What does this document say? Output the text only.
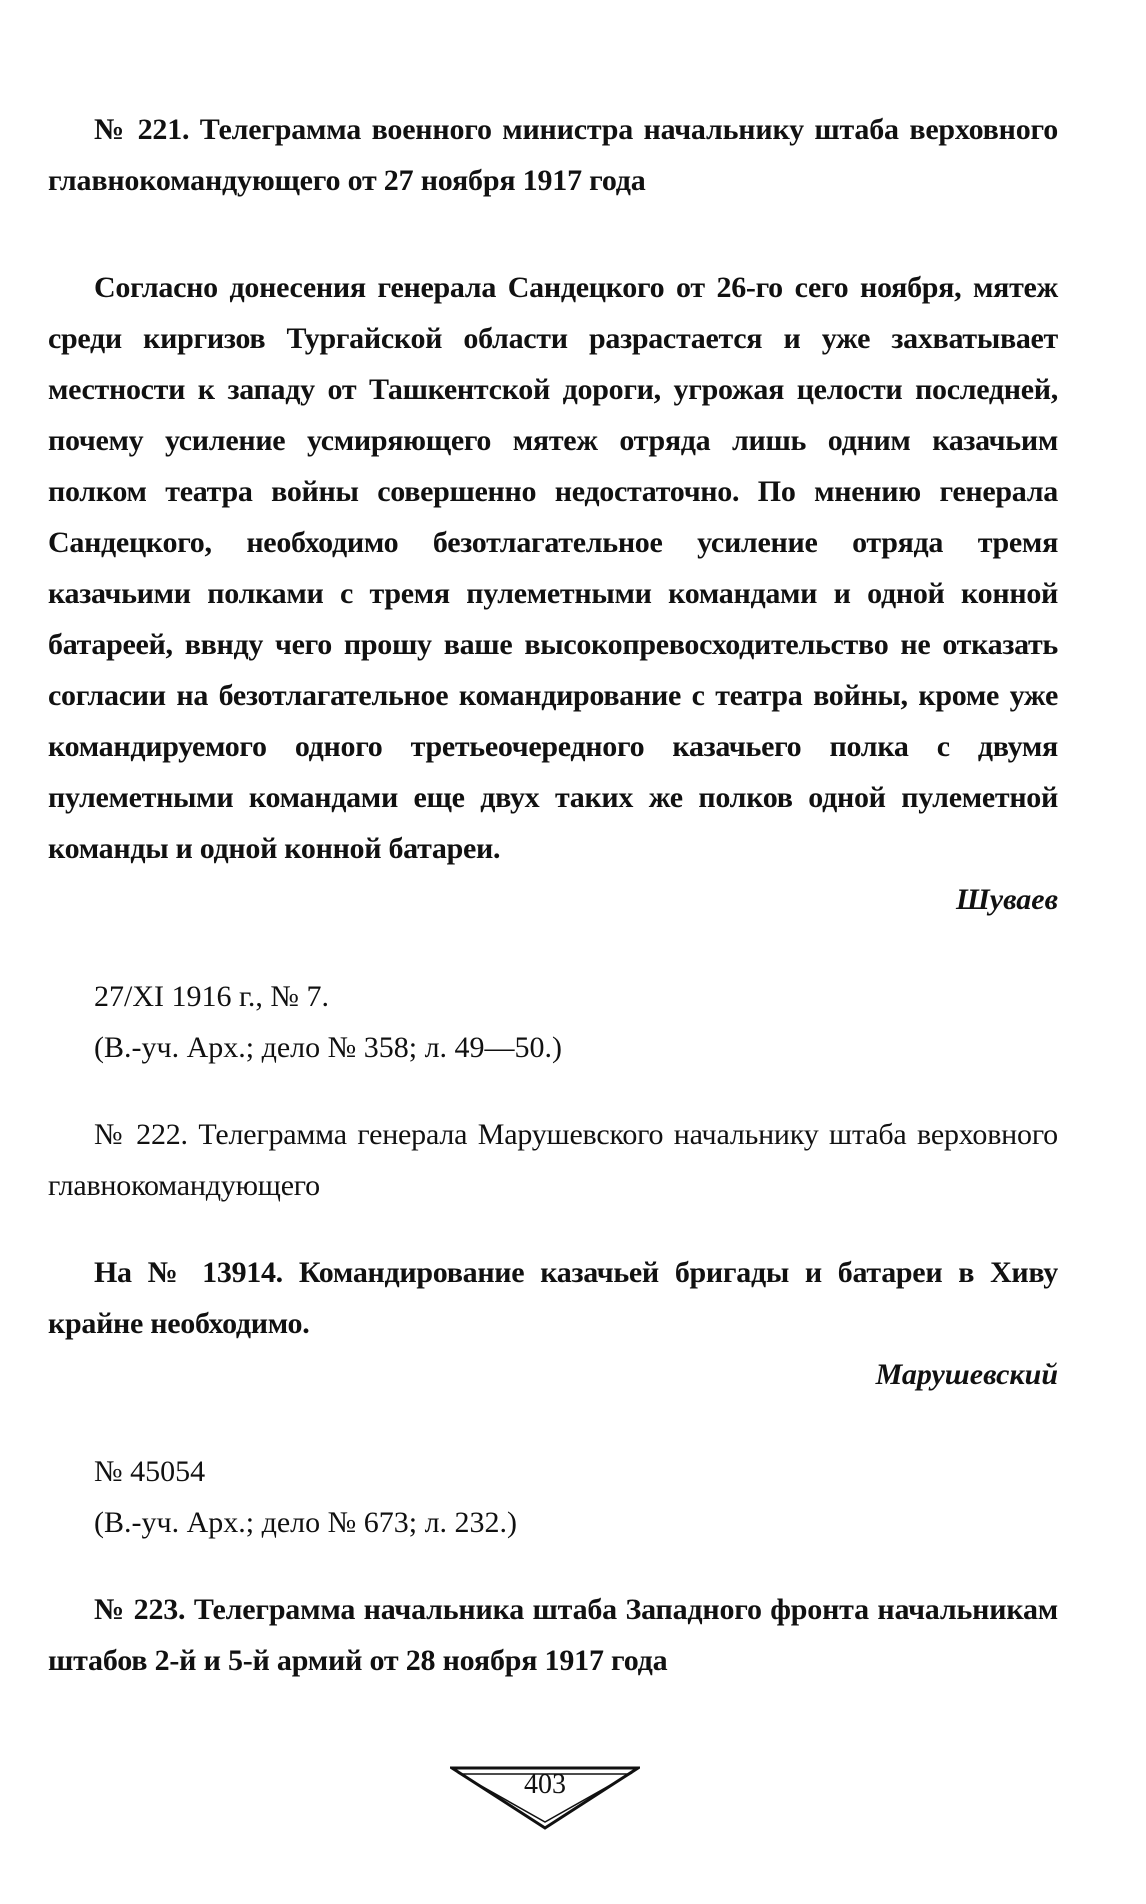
№ 221. Телеграмма военного министра начальнику штаба верховного главнокомандующего от 27 ноября 1917 года

Согласно донесения генерала Сандецкого от 26-го сего ноября, мятеж среди киргизов Тургайской области разрастается и уже захватывает местности к западу от Ташкентской дороги, угрожая целости последней, почему усиление усмиряющего мятеж отряда лишь одним казачьим полком театра войны совершенно недостаточно. По мнению генерала Сандецкого, необходимо безотлагательное усиление отряда тремя казачьими полками с тремя пулеметными командами и одной конной батареей, ввнду чего прошу ваше высокопревосходительство не отказать согласии на безотлагательное командирование с театра войны, кроме уже командируемого одного третьеочередного казачьего полка с двумя пулеметными командами еще двух таких же полков одной пулеметной команды и одной конной батареи.

Шуваев

27/XI 1916 г., № 7.

(В.-уч. Арх.; дело № 358; л. 49—50.)

№ 222. Телеграмма генерала Марушевского начальнику штаба верховного главнокомандующего

На № 13914. Командирование казачьей бригады и батареи в Хиву крайне необходимо.

Марушевский

№ 45054

(В.-уч. Арх.; дело № 673; л. 232.)

№ 223. Телеграмма начальника штаба Западного фронта начальникам штабов 2-й и 5-й армий от 28 ноября 1917 года

403
